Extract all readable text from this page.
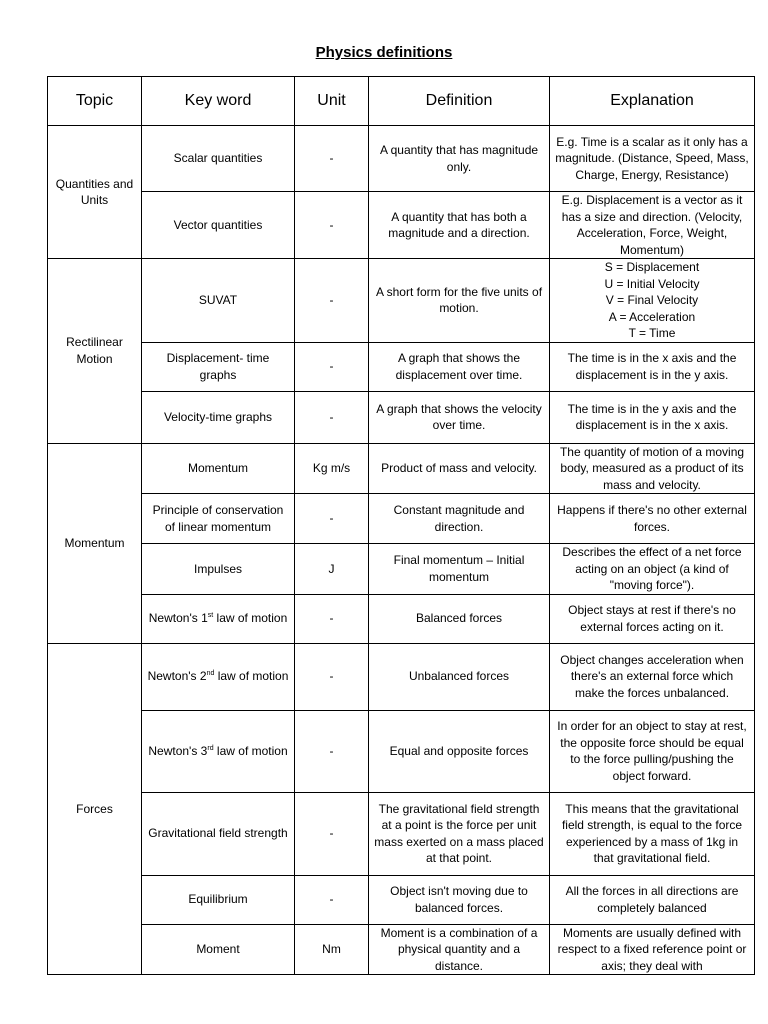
Physics definitions
Topic	Key word	Unit	Definition	Explanation
Quantities and Units	Scalar quantities	-	A quantity that has magnitude only.	E.g. Time is a scalar as it only has a magnitude. (Distance, Speed, Mass, Charge, Energy, Resistance)
	Vector quantities	-	A quantity that has both a magnitude and a direction.	E.g. Displacement is a vector as it has a size and direction. (Velocity, Acceleration, Force, Weight, Momentum)
Rectilinear Motion	SUVAT	-	A short form for the five units of motion.	S = Displacement
U = Initial Velocity
V = Final Velocity
A = Acceleration
T = Time

	Displacement- time graphs	-	A graph that shows the displacement over time.	The time is in the x axis and the displacement is in the y axis.
	Velocity-time graphs	-	A graph that shows the velocity over time.	The time is in the y axis and the displacement is in the x axis.
Momentum	Momentum	Kg m/s	Product of mass and velocity.	The quantity of motion of a moving body, measured as a product of its mass and velocity.
	Principle of conservation of linear momentum	-	Constant magnitude and direction.	Happens if there's no other external forces.
	Impulses	J	Final momentum – Initial momentum	Describes the effect of a net force acting on an object (a kind of "moving force").
	Newton's 1st law of motion	-	Balanced forces	Object stays at rest if there's no external forces acting on it.
Forces	Newton's 2nd law of motion	-	Unbalanced forces	Object changes acceleration when there's an external force which make the forces unbalanced.
	Newton's 3rd law of motion	-	Equal and opposite forces	In order for an object to stay at rest, the opposite force should be equal to the force pulling/pushing the object forward.
	Gravitational field strength	-	The gravitational field strength at a point is the force per unit mass exerted on a mass placed at that point.	This means that the gravitational field strength, is equal to the force experienced by a mass of 1kg in that gravitational field.
	Equilibrium	-	Object isn't moving due to balanced forces.	All the forces in all directions are completely balanced
	Moment	Nm	Moment is a combination of a physical quantity and a distance.	Moments are usually defined with respect to a fixed reference point or axis; they deal with
